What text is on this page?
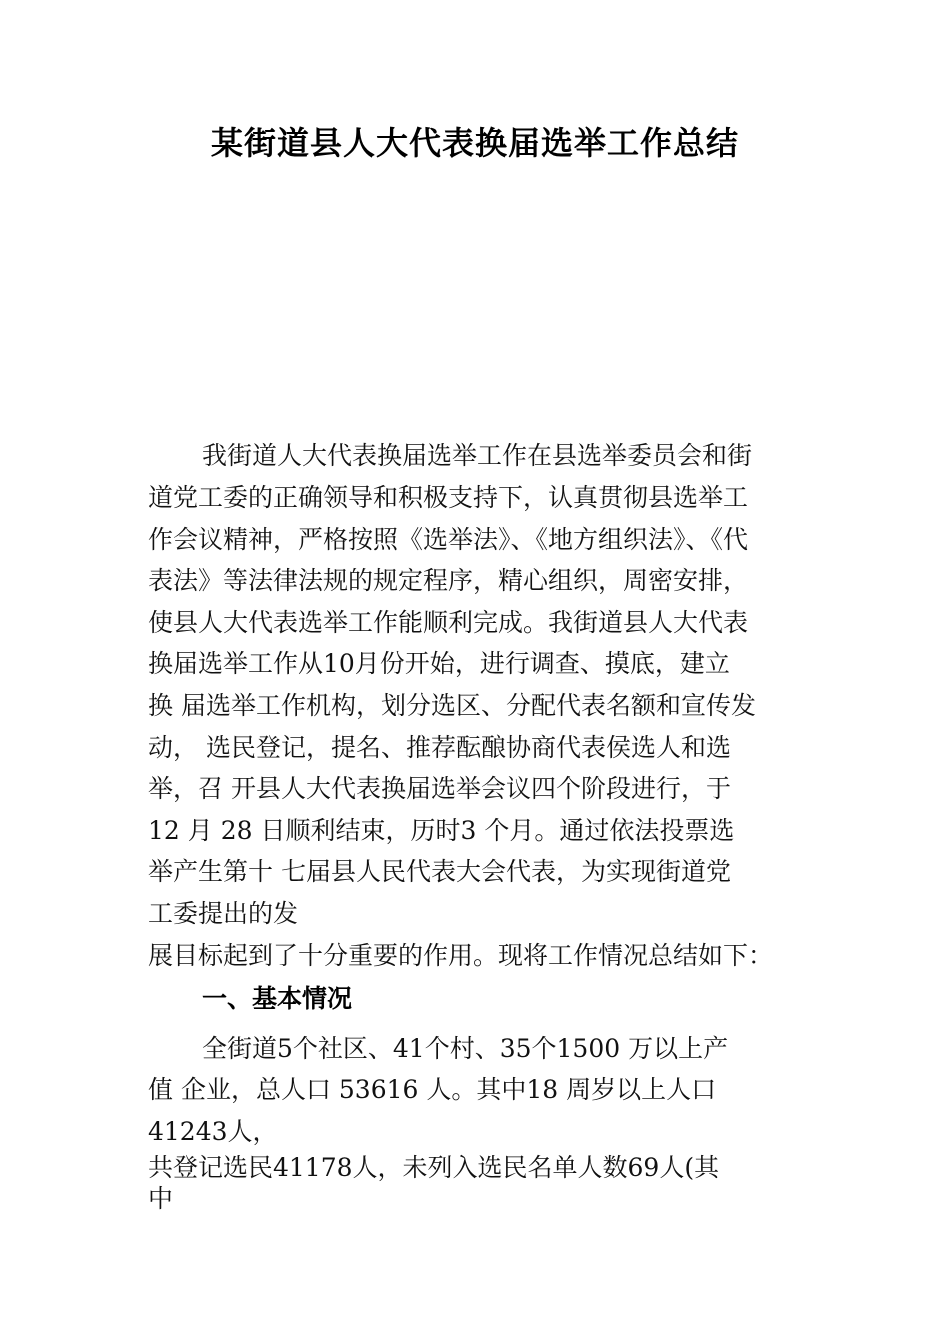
某街道县人大代表换届选举工作总结
我街道人大代表换届选举工作在县选举委员会和街
道党工委的正确领导和积极支持下，认真贯彻县选举工
作会议精神，严格按照《选举法》、《地方组织法》、《代
表法》等法律法规的规定程序，精心组织，周密安排，
使县人大代表选举工作能顺利完成。我街道县人大代表
换届选举工作从10月份开始，进行调查、摸底，建立
换 届选举工作机构，划分选区、分配代表名额和宣传发
动， 选民登记，提名、推荐酝酿协商代表侯选人和选
举，召 开县人大代表换届选举会议四个阶段进行，于
12 月 28 日顺利结束，历时3 个月。通过依法投票选
举产生第十 七届县人民代表大会代表，为实现街道党
工委提出的发
展目标起到了十分重要的作用。现将工作情况总结如下：
一、基本情况
全街道5个社区、41个村、35个1500 万以上产
值 企业，总人口 53616 人。其中18 周岁以上人口
41243人，
共登记选民41178人，未列入选民名单人数69人(其
中
